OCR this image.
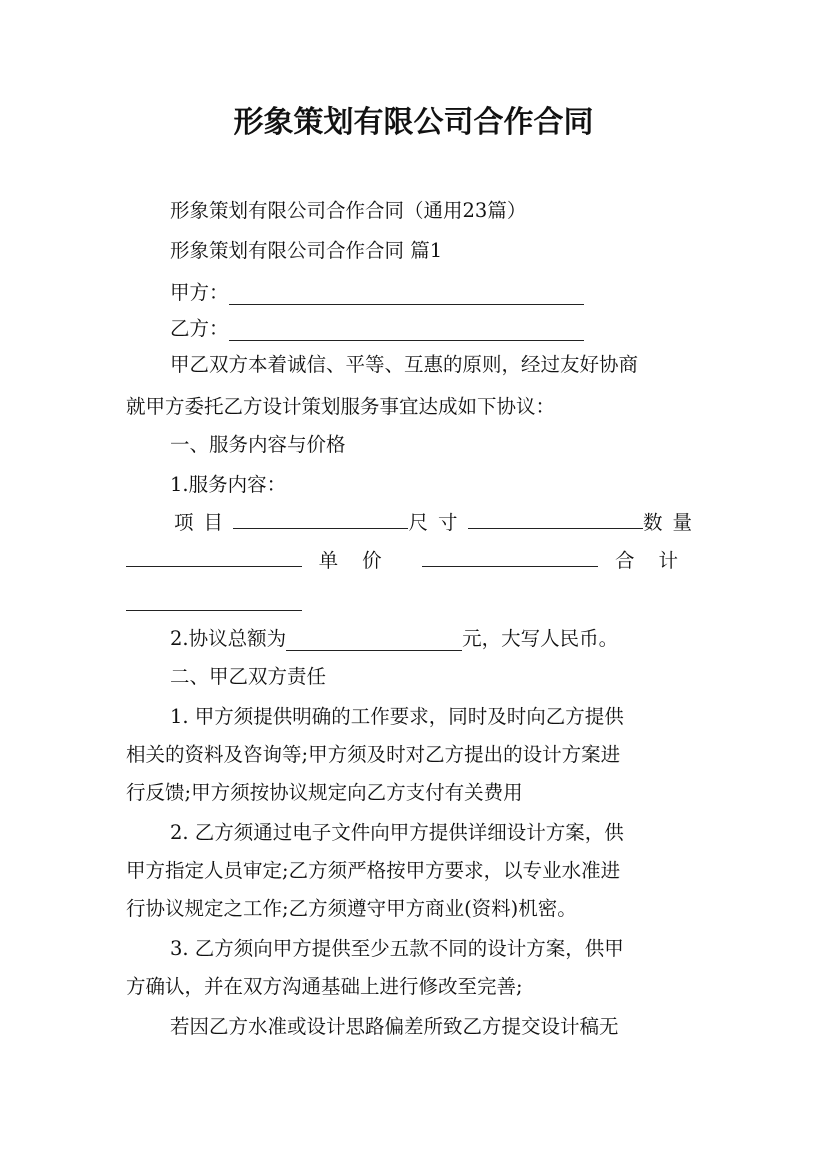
形象策划有限公司合作合同
形象策划有限公司合作合同（通用23篇）
形象策划有限公司合作合同 篇1
甲方：
乙方：
甲乙双方本着诚信、平等、互惠的原则，经过友好协商
就甲方委托乙方设计策划服务事宜达成如下协议：
一、服务内容与价格
1.服务内容：
项目	尺寸	数量
单价	合计
2.协议总额为	元，大写人民币。
二、甲乙双方责任
1. 甲方须提供明确的工作要求，同时及时向乙方提供
相关的资料及咨询等;甲方须及时对乙方提出的设计方案进
行反馈;甲方须按协议规定向乙方支付有关费用
2. 乙方须通过电子文件向甲方提供详细设计方案，供
甲方指定人员审定;乙方须严格按甲方要求，以专业水准进
行协议规定之工作;乙方须遵守甲方商业(资料)机密。
3. 乙方须向甲方提供至少五款不同的设计方案，供甲
方确认，并在双方沟通基础上进行修改至完善;
若因乙方水准或设计思路偏差所致乙方提交设计稿无
